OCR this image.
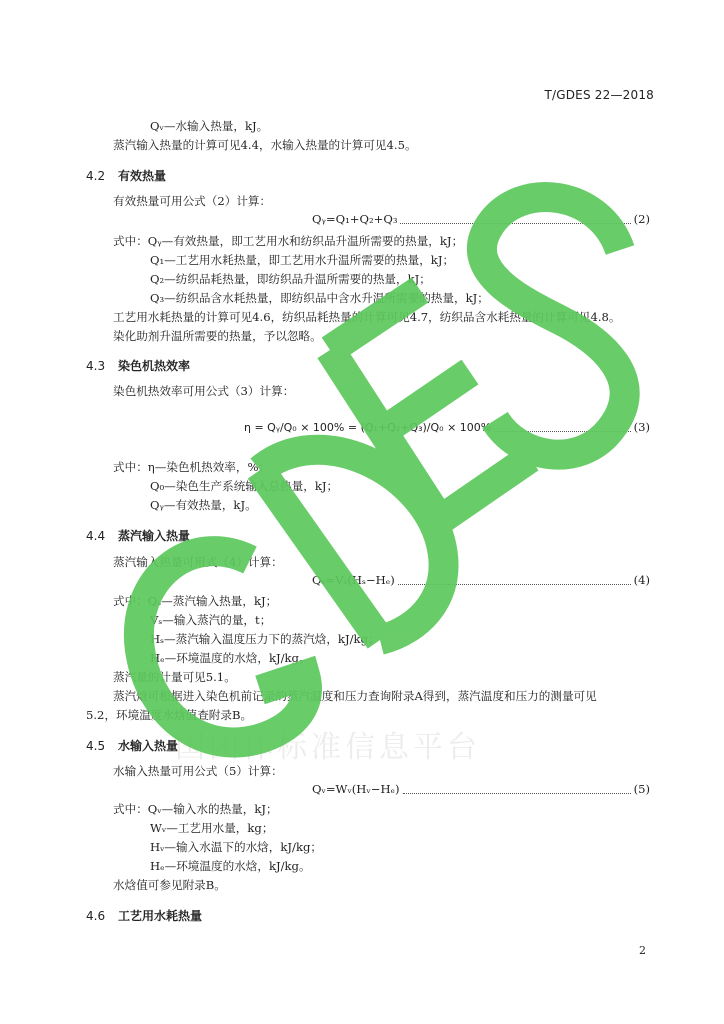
T/GDES 22—2018
Qᵥ—水输入热量，kJ。
蒸汽输入热量的计算可见4.4，水输入热量的计算可见4.5。
4.2 有效热量
有效热量可用公式（2）计算：
Qᵧ=Q₁+Q₂+Q₃	(2)
式中：Qᵧ—有效热量，即工艺用水和纺织品升温所需要的热量，kJ；
Q₁—工艺用水耗热量，即工艺用水升温所需要的热量，kJ；
Q₂—纺织品耗热量，即纺织品升温所需要的热量，kJ；
Q₃—纺织品含水耗热量，即纺织品中含水升温所需要的热量，kJ；
工艺用水耗热量的计算可见4.6，纺织品耗热量的计算可见4.7，纺织品含水耗热量的计算可见4.8。
染化助剂升温所需要的热量，予以忽略。
4.3 染色机热效率
染色机热效率可用公式（3）计算：
η = Qᵧ/Q₀ × 100% = (Q₁+Q₂+Q₃)/Q₀ × 100%	(3)
式中：η—染色机热效率，%；
Q₀—染色生产系统输入总热量，kJ；
Qᵧ—有效热量，kJ。
4.4 蒸汽输入热量
蒸汽输入热量可用式（4）计算：
Qₛ=Vₛ(Hₛ−Hₑ)	(4)
式中：Qₛ—蒸汽输入热量，kJ；
Vₛ—输入蒸汽的量，t；
Hₛ—蒸汽输入温度压力下的蒸汽焓，kJ/kg；
Hₑ—环境温度的水焓，kJ/kg。
蒸汽量的计量可见5.1。
蒸汽焓可根据进入染色机前记录的蒸汽温度和压力查询附录A得到，蒸汽温度和压力的测量可见
5.2，环境温度水焓值查附录B。
4.5 水输入热量
水输入热量可用公式（5）计算：
Qᵥ=Wᵥ(Hᵥ−Hₑ)	(5)
式中：Qᵥ—输入水的热量，kJ；
Wᵥ—工艺用水量，kg；
Hᵥ—输入水温下的水焓，kJ/kg；
Hₑ—环境温度的水焓，kJ/kg。
水焓值可参见附录B。
4.6 工艺用水耗热量
2
国团体标准信息平台
